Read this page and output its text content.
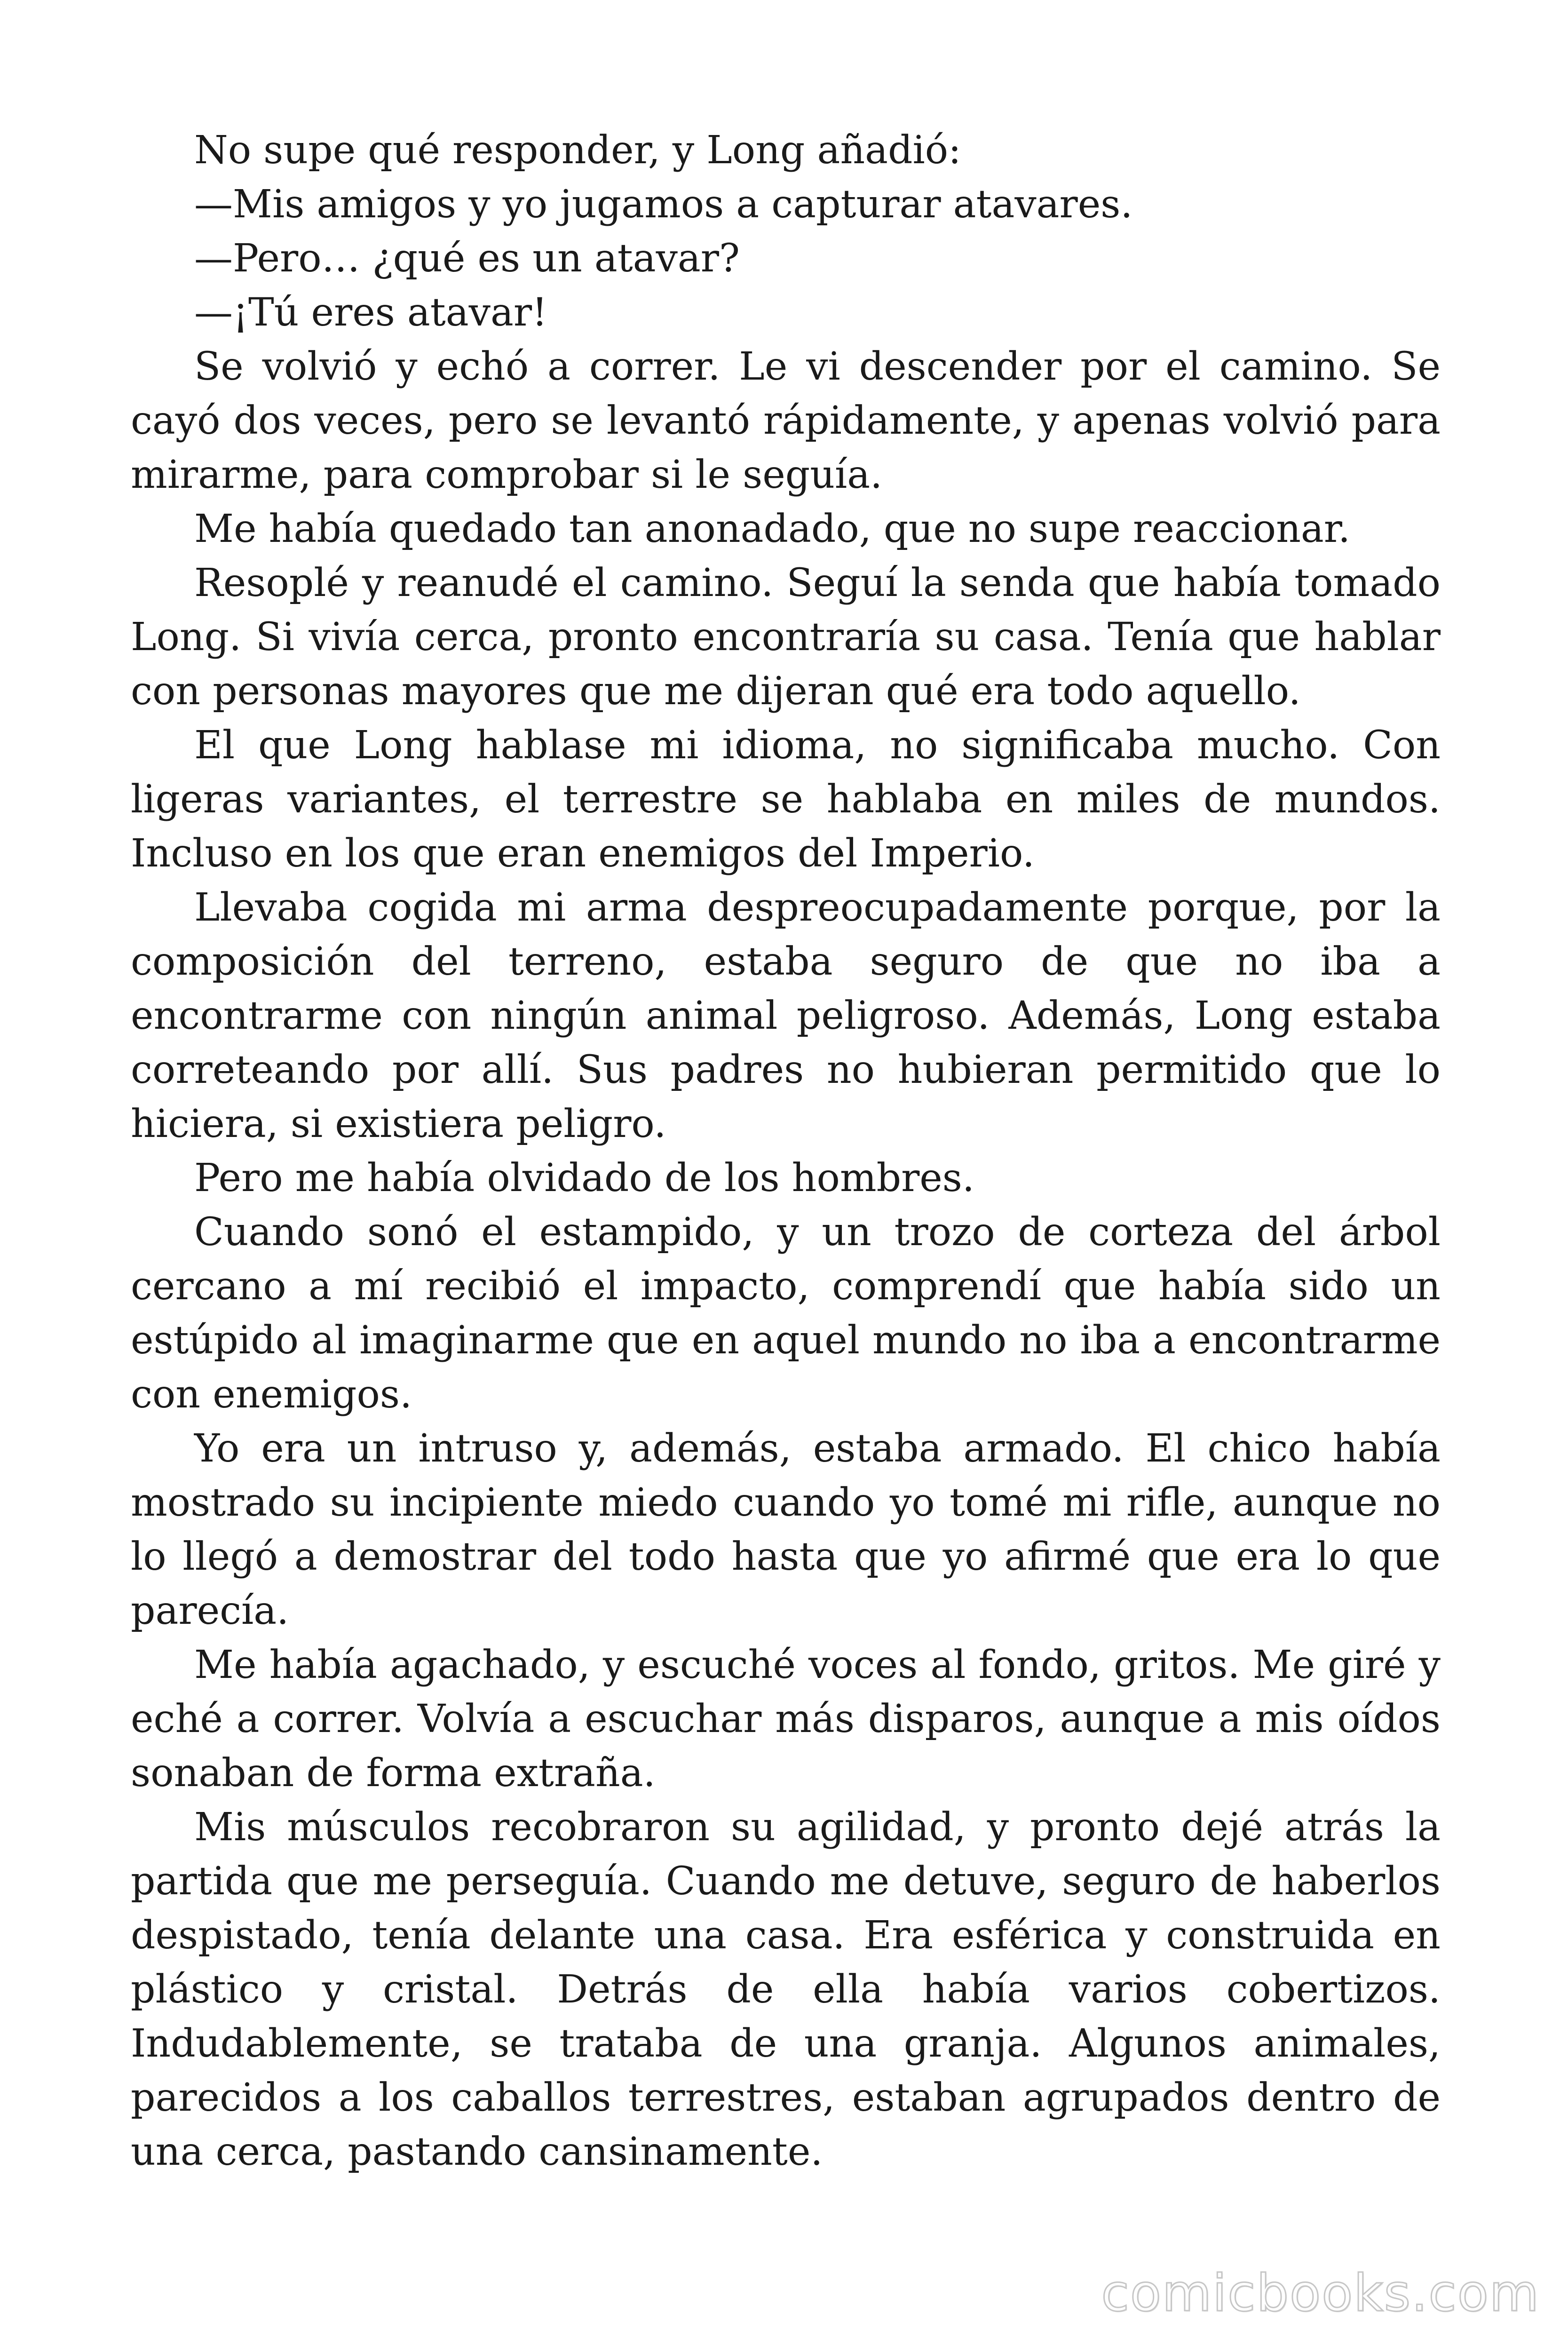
No supe qué responder, y Long añadió:

—Mis amigos y yo jugamos a capturar atavares.

—Pero… ¿qué es un atavar?

—¡Tú eres atavar!

Se volvió y echó a correr. Le vi descender por el camino. Se cayó dos veces, pero se levantó rápidamente, y apenas volvió para mirarme, para comprobar si le seguía.

Me había quedado tan anonadado, que no supe reaccionar.

Resoplé y reanudé el camino. Seguí la senda que había tomado Long. Si vivía cerca, pronto encontraría su casa. Tenía que hablar con personas mayores que me dijeran qué era todo aquello.

El que Long hablase mi idioma, no significaba mucho. Con ligeras variantes, el terrestre se hablaba en miles de mundos. Incluso en los que eran enemigos del Imperio.

Llevaba cogida mi arma despreocupadamente porque, por la composición del terreno, estaba seguro de que no iba a encontrarme con ningún animal peligroso. Además, Long estaba correteando por allí. Sus padres no hubieran permitido que lo hiciera, si existiera peligro.

Pero me había olvidado de los hombres.

Cuando sonó el estampido, y un trozo de corteza del árbol cercano a mí recibió el impacto, comprendí que había sido un estúpido al imaginarme que en aquel mundo no iba a encontrarme con enemigos.

Yo era un intruso y, además, estaba armado. El chico había mostrado su incipiente miedo cuando yo tomé mi rifle, aunque no lo llegó a demostrar del todo hasta que yo afirmé que era lo que parecía.

Me había agachado, y escuché voces al fondo, gritos. Me giré y eché a correr. Volvía a escuchar más disparos, aunque a mis oídos sonaban de forma extraña.

Mis músculos recobraron su agilidad, y pronto dejé atrás la partida que me perseguía. Cuando me detuve, seguro de haberlos despistado, tenía delante una casa. Era esférica y construida en plástico y cristal. Detrás de ella había varios cobertizos. Indudablemente, se trataba de una granja. Algunos animales, parecidos a los caballos terrestres, estaban agrupados dentro de una cerca, pastando cansinamente.

comicbooks.com
